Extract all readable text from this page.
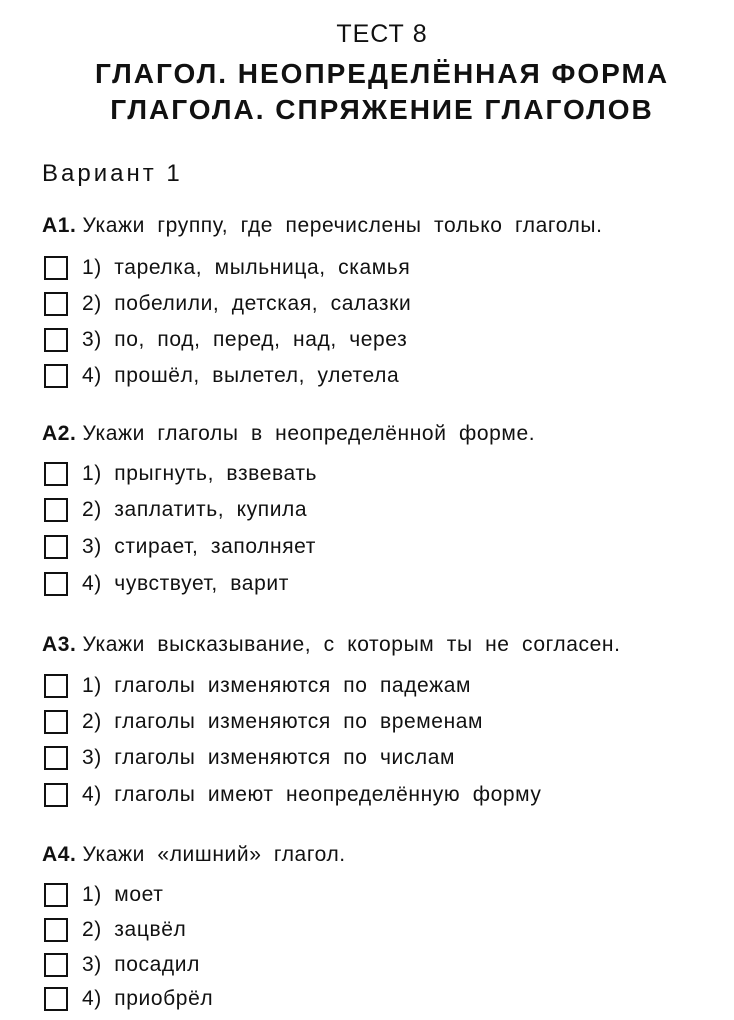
ТЕСТ 8
ГЛАГОЛ. НЕОПРЕДЕЛЁННАЯ ФОРМА
ГЛАГОЛА. СПРЯЖЕНИЕ ГЛАГОЛОВ
Вариант 1
А1. Укажи группу, где перечислены только глаголы.
1) тарелка, мыльница, скамья
2) побелили, детская, салазки
3) по, под, перед, над, через
4) прошёл, вылетел, улетела
А2. Укажи глаголы в неопределённой форме.
1) прыгнуть, взвевать
2) заплатить, купила
3) стирает, заполняет
4) чувствует, варит
А3. Укажи высказывание, с которым ты не согласен.
1) глаголы изменяются по падежам
2) глаголы изменяются по временам
3) глаголы изменяются по числам
4) глаголы имеют неопределённую форму
А4. Укажи «лишний» глагол.
1) моет
2) зацвёл
3) посадил
4) приобрёл
